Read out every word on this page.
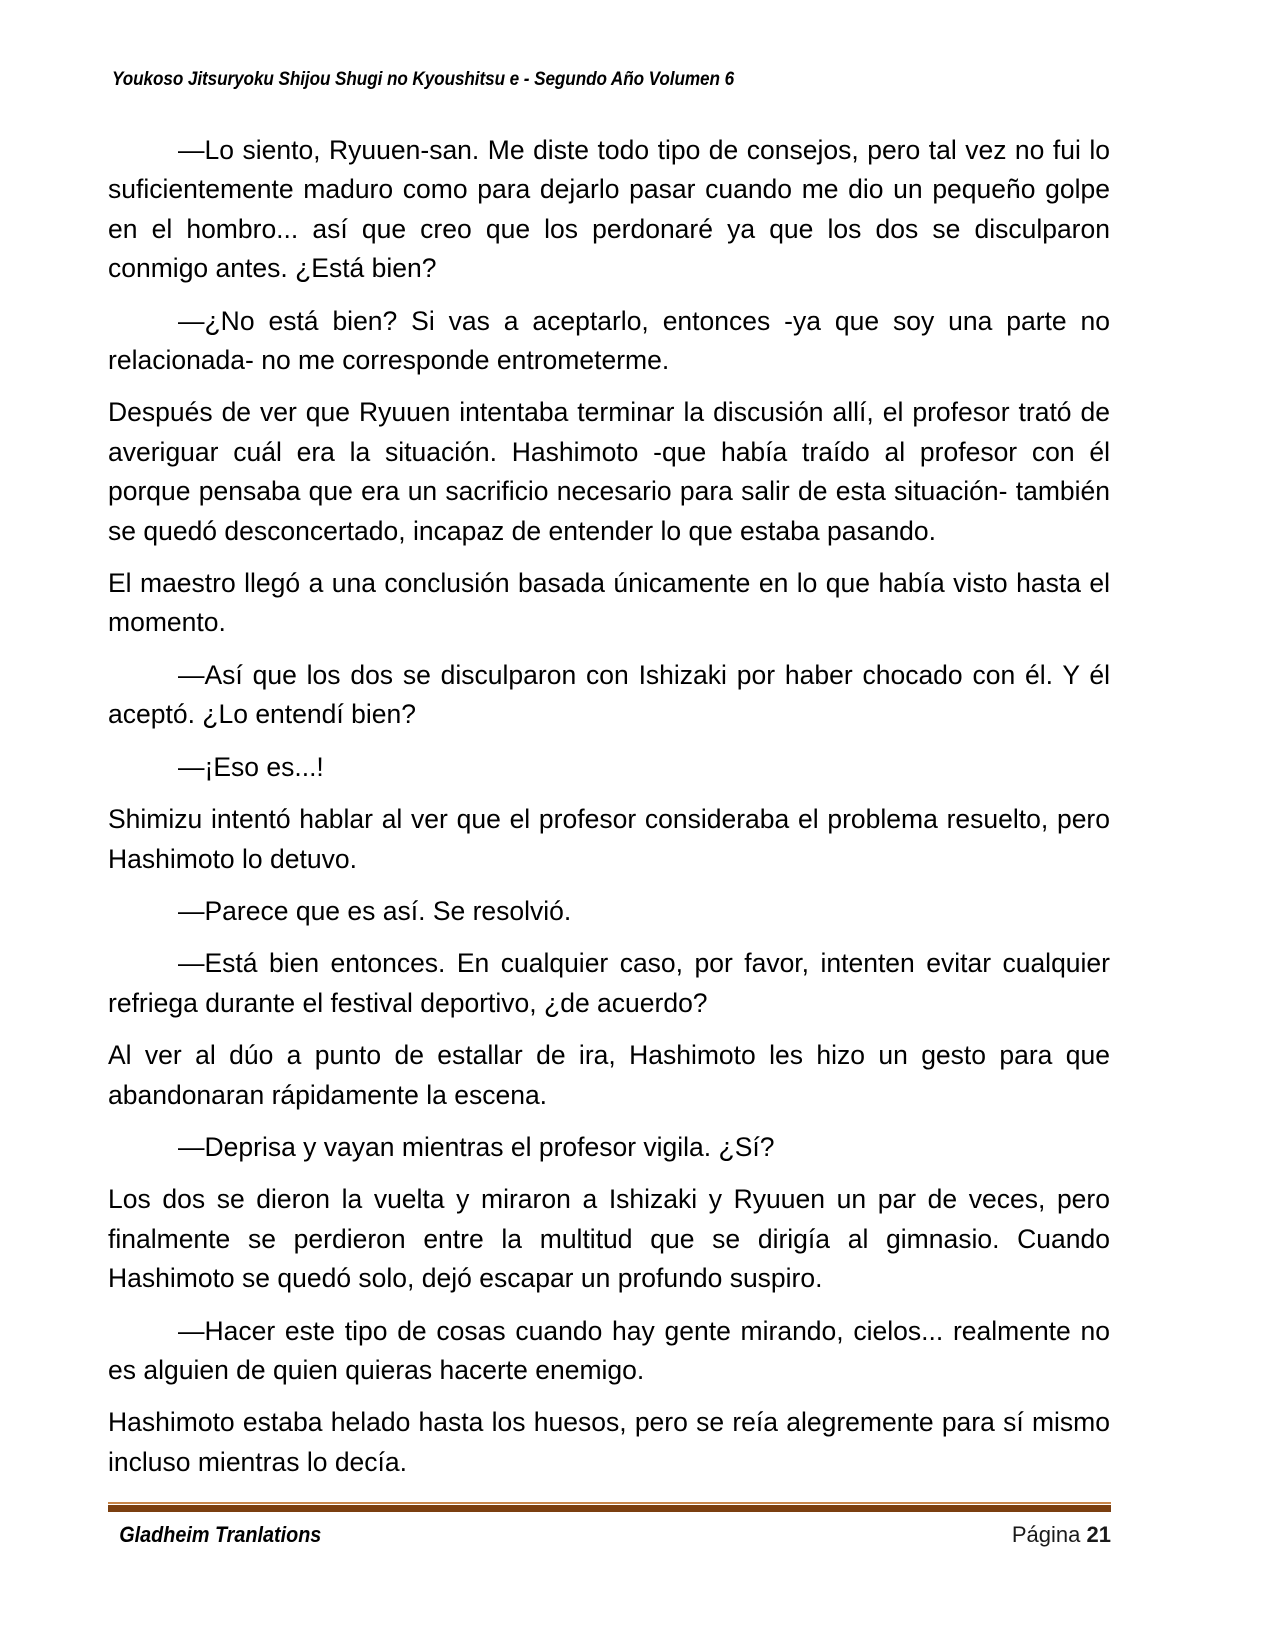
Youkoso Jitsuryoku Shijou Shugi no Kyoushitsu e - Segundo Año Volumen 6

—Lo siento, Ryuuen-san. Me diste todo tipo de consejos, pero tal vez no fui lo suficientemente maduro como para dejarlo pasar cuando me dio un pequeño golpe en el hombro... así que creo que los perdonaré ya que los dos se disculparon conmigo antes. ¿Está bien?

—¿No está bien? Si vas a aceptarlo, entonces -ya que soy una parte no relacionada- no me corresponde entrometerme.

Después de ver que Ryuuen intentaba terminar la discusión allí, el profesor trató de averiguar cuál era la situación. Hashimoto -que había traído al profesor con él porque pensaba que era un sacrificio necesario para salir de esta situación- también se quedó desconcertado, incapaz de entender lo que estaba pasando.

El maestro llegó a una conclusión basada únicamente en lo que había visto hasta el momento.

—Así que los dos se disculparon con Ishizaki por haber chocado con él. Y él aceptó. ¿Lo entendí bien?

—¡Eso es...!

Shimizu intentó hablar al ver que el profesor consideraba el problema resuelto, pero Hashimoto lo detuvo.

—Parece que es así. Se resolvió.

—Está bien entonces. En cualquier caso, por favor, intenten evitar cualquier refriega durante el festival deportivo, ¿de acuerdo?

Al ver al dúo a punto de estallar de ira, Hashimoto les hizo un gesto para que abandonaran rápidamente la escena.

—Deprisa y vayan mientras el profesor vigila. ¿Sí?

Los dos se dieron la vuelta y miraron a Ishizaki y Ryuuen un par de veces, pero finalmente se perdieron entre la multitud que se dirigía al gimnasio. Cuando Hashimoto se quedó solo, dejó escapar un profundo suspiro.

—Hacer este tipo de cosas cuando hay gente mirando, cielos... realmente no es alguien de quien quieras hacerte enemigo.

Hashimoto estaba helado hasta los huesos, pero se reía alegremente para sí mismo incluso mientras lo decía.

Gladheim Tranlations	Página 21
